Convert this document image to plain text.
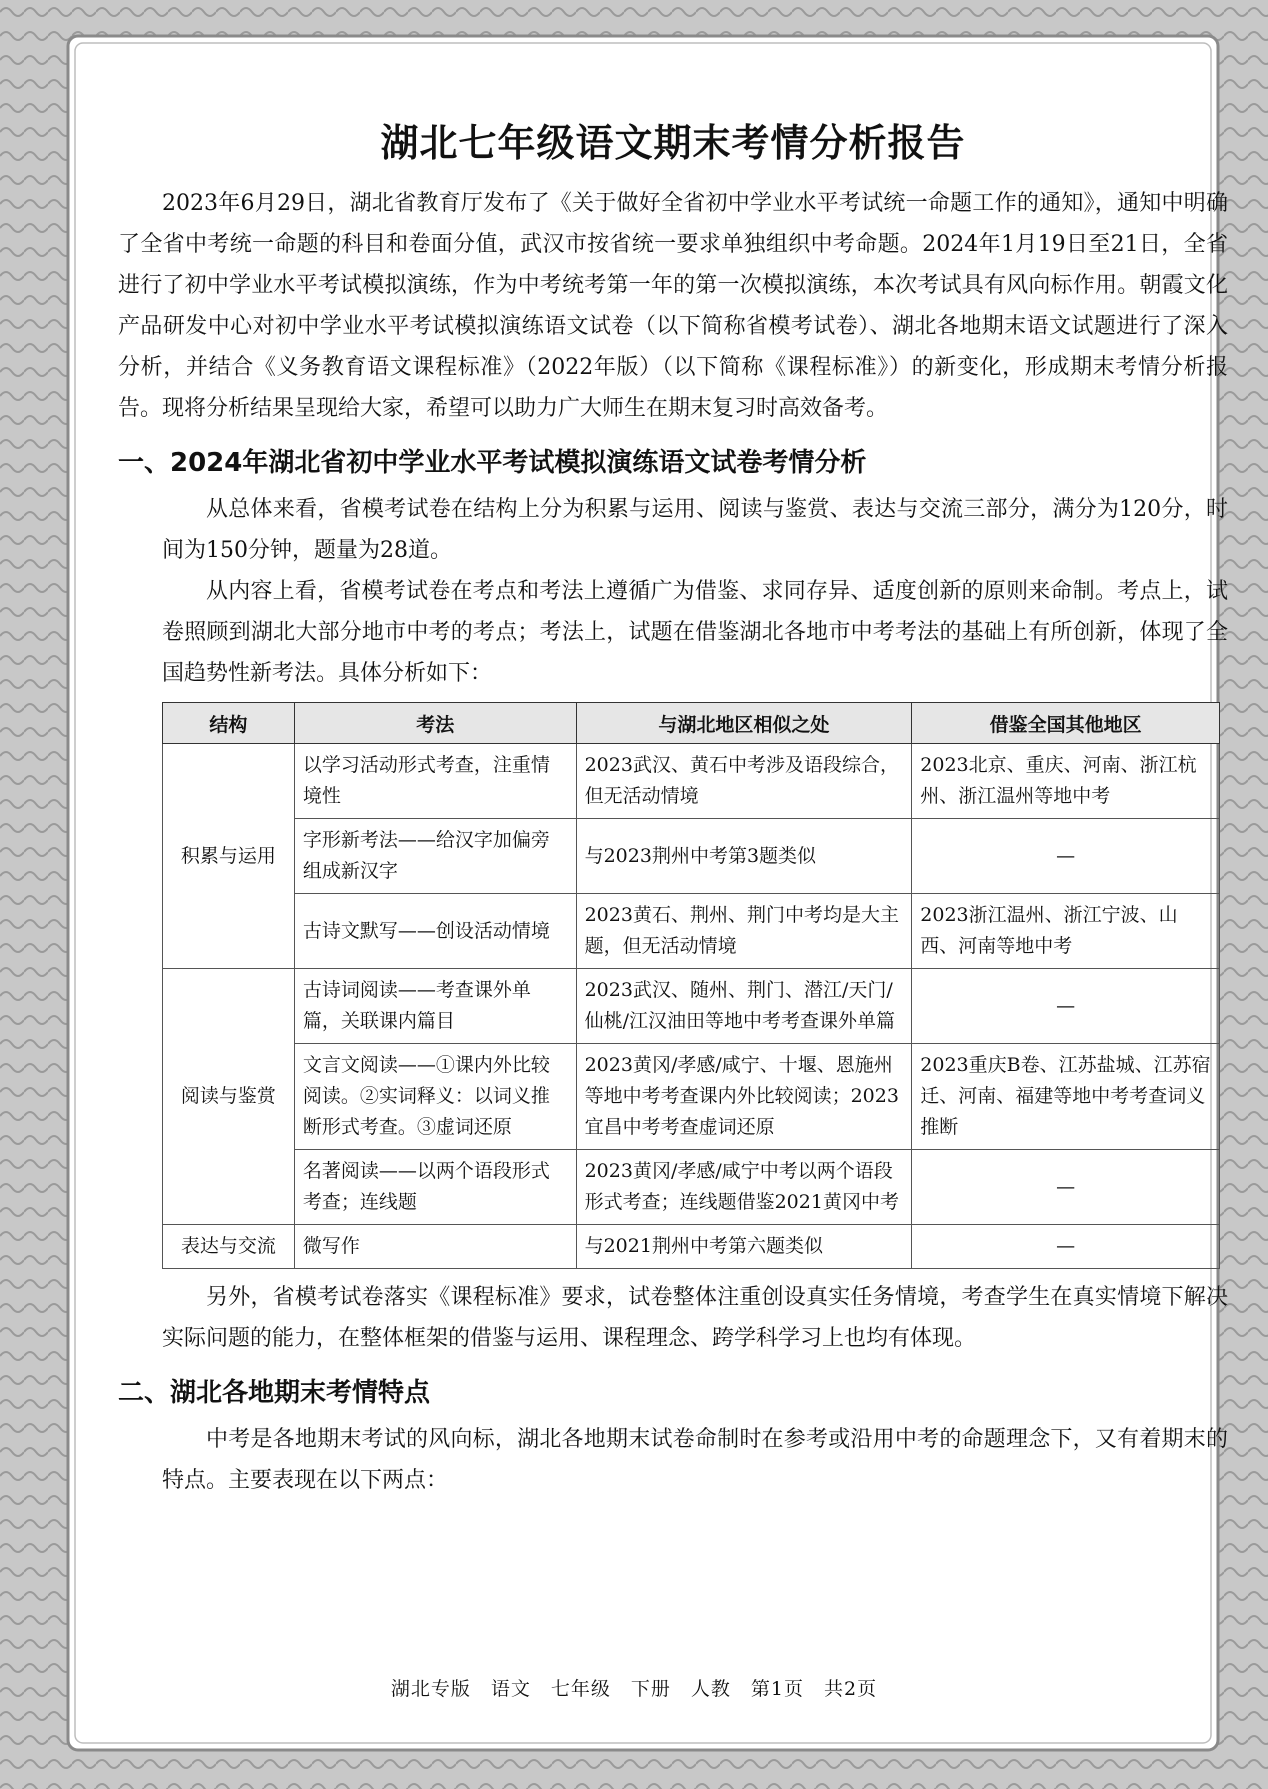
湖北七年级语文期末考情分析报告

2023年6月29日，湖北省教育厅发布了《关于做好全省初中学业水平考试统一命题工作的通知》，通知中明确了全省中考统一命题的科目和卷面分值，武汉市按省统一要求单独组织中考命题。2024年1月19日至21日，全省进行了初中学业水平考试模拟演练，作为中考统考第一年的第一次模拟演练，本次考试具有风向标作用。朝霞文化产品研发中心对初中学业水平考试模拟演练语文试卷（以下简称省模考试卷）、湖北各地期末语文试题进行了深入分析，并结合《义务教育语文课程标准》（2022年版）（以下简称《课程标准》）的新变化，形成期末考情分析报告。现将分析结果呈现给大家，希望可以助力广大师生在期末复习时高效备考。

一、2024年湖北省初中学业水平考试模拟演练语文试卷考情分析

从总体来看，省模考试卷在结构上分为积累与运用、阅读与鉴赏、表达与交流三部分，满分为120分，时间为150分钟，题量为28道。

从内容上看，省模考试卷在考点和考法上遵循广为借鉴、求同存异、适度创新的原则来命制。考点上，试卷照顾到湖北大部分地市中考的考点；考法上，试题在借鉴湖北各地市中考考法的基础上有所创新，体现了全国趋势性新考法。具体分析如下：

结构	考法	与湖北地区相似之处	借鉴全国其他地区
积累与运用	以学习活动形式考查，注重情境性	2023武汉、黄石中考涉及语段综合，但无活动情境	2023北京、重庆、河南、浙江杭州、浙江温州等地中考
	字形新考法——给汉字加偏旁组成新汉字	与2023荆州中考第3题类似	—
	古诗文默写——创设活动情境	2023黄石、荆州、荆门中考均是大主题，但无活动情境	2023浙江温州、浙江宁波、山西、河南等地中考
阅读与鉴赏	古诗词阅读——考查课外单篇，关联课内篇目	2023武汉、随州、荆门、潜江/天门/仙桃/江汉油田等地中考考查课外单篇	—
	文言文阅读——①课内外比较阅读。②实词释义：以词义推断形式考查。③虚词还原	2023黄冈/孝感/咸宁、十堰、恩施州等地中考考查课内外比较阅读；2023宜昌中考考查虚词还原	2023重庆B卷、江苏盐城、江苏宿迁、河南、福建等地中考考查词义推断
	名著阅读——以两个语段形式考查；连线题	2023黄冈/孝感/咸宁中考以两个语段形式考查；连线题借鉴2021黄冈中考	—
表达与交流	微写作	与2021荆州中考第六题类似	—

另外，省模考试卷落实《课程标准》要求，试卷整体注重创设真实任务情境，考查学生在真实情境下解决实际问题的能力，在整体框架的借鉴与运用、课程理念、跨学科学习上也均有体现。

二、湖北各地期末考情特点

中考是各地期末考试的风向标，湖北各地期末试卷命制时在参考或沿用中考的命题理念下，又有着期末的特点。主要表现在以下两点：

湖北专版　语文　七年级　下册　人教　第1页　共2页
